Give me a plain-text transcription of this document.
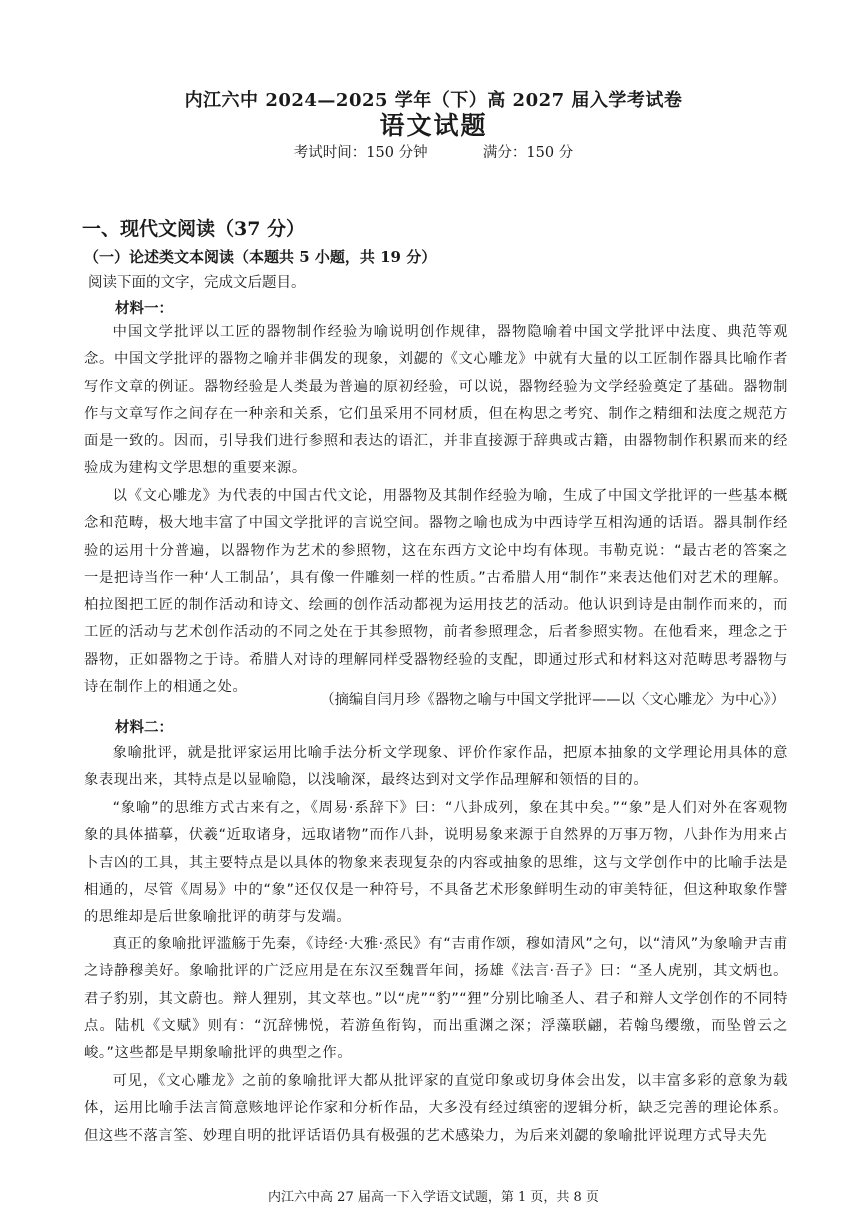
内江六中 2024—2025 学年（下）高 2027 届入学考试卷
语文试题
考试时间：150 分钟	满分：150 分
一、现代文阅读（37 分）
（一）论述类文本阅读（本题共 5 小题，共 19 分）
阅读下面的文字，完成文后题目。
材料一：
中国文学批评以工匠的器物制作经验为喻说明创作规律，器物隐喻着中国文学批评中法度、典范等观念。中国文学批评的器物之喻并非偶发的现象，刘勰的《文心雕龙》中就有大量的以工匠制作器具比喻作者写作文章的例证。器物经验是人类最为普遍的原初经验，可以说，器物经验为文学经验奠定了基础。器物制作与文章写作之间存在一种亲和关系，它们虽采用不同材质，但在构思之考究、制作之精细和法度之规范方面是一致的。因而，引导我们进行参照和表达的语汇，并非直接源于辞典或古籍，由器物制作积累而来的经验成为建构文学思想的重要来源。
以《文心雕龙》为代表的中国古代文论，用器物及其制作经验为喻，生成了中国文学批评的一些基本概念和范畴，极大地丰富了中国文学批评的言说空间。器物之喻也成为中西诗学互相沟通的话语。器具制作经验的运用十分普遍，以器物作为艺术的参照物，这在东西方文论中均有体现。韦勒克说：“最古老的答案之一是把诗当作一种‘人工制品’，具有像一件雕刻一样的性质。”古希腊人用“制作”来表达他们对艺术的理解。柏拉图把工匠的制作活动和诗文、绘画的创作活动都视为运用技艺的活动。他认识到诗是由制作而来的，而工匠的活动与艺术创作活动的不同之处在于其参照物，前者参照理念，后者参照实物。在他看来，理念之于器物，正如器物之于诗。希腊人对诗的理解同样受器物经验的支配，即通过形式和材料这对范畴思考器物与诗在制作上的相通之处。
（摘编自闫月珍《器物之喻与中国文学批评——以〈文心雕龙〉为中心》）
材料二：
象喻批评，就是批评家运用比喻手法分析文学现象、评价作家作品，把原本抽象的文学理论用具体的意象表现出来，其特点是以显喻隐，以浅喻深，最终达到对文学作品理解和领悟的目的。
“象喻”的思维方式古来有之，《周易·系辞下》曰：“八卦成列，象在其中矣。”“象”是人们对外在客观物象的具体描摹，伏羲“近取诸身，远取诸物”而作八卦，说明易象来源于自然界的万事万物，八卦作为用来占卜吉凶的工具，其主要特点是以具体的物象来表现复杂的内容或抽象的思维，这与文学创作中的比喻手法是相通的，尽管《周易》中的“象”还仅仅是一种符号，不具备艺术形象鲜明生动的审美特征，但这种取象作譬的思维却是后世象喻批评的萌芽与发端。
真正的象喻批评滥觞于先秦，《诗经·大雅·烝民》有“吉甫作颂，穆如清风”之句，以“清风”为象喻尹吉甫之诗静穆美好。象喻批评的广泛应用是在东汉至魏晋年间，扬雄《法言·吾子》曰：“圣人虎别，其文炳也。君子豹别，其文蔚也。辩人狸别，其文萃也。”以“虎”“豹”“狸”分别比喻圣人、君子和辩人文学创作的不同特点。陆机《文赋》则有：“沉辞怫悦，若游鱼衔钩，而出重渊之深；浮藻联翩，若翰鸟缨缴，而坠曾云之峻。”这些都是早期象喻批评的典型之作。
可见，《文心雕龙》之前的象喻批评大都从批评家的直觉印象或切身体会出发，以丰富多彩的意象为载体，运用比喻手法言简意赅地评论作家和分析作品，大多没有经过缜密的逻辑分析，缺乏完善的理论体系。但这些不落言筌、妙理自明的批评话语仍具有极强的艺术感染力，为后来刘勰的象喻批评说理方式导夫先
内江六中高 27 届高一下入学语文试题，第 1 页，共 8 页
